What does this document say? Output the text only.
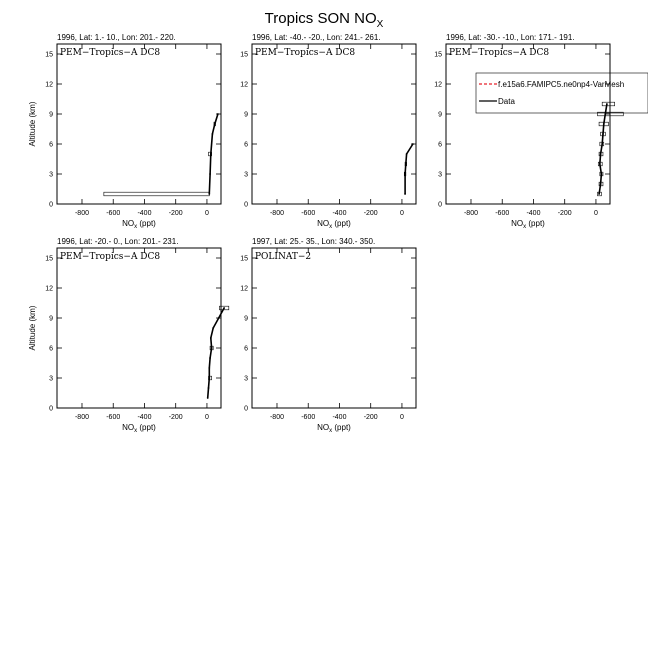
Tropics SON $NO_X$
1996, Lat: 1.- 10., Lon: 201.- 220.
PEM−Tropics−A DC8
-800 -600 -400 -200	0
0
3
6
9
12
15
$NO_x$ (ppt)
Altitude (km)
1996, Lat: -40.- -20., Lon: 241.- 261.
PEM−Tropics−A DC8
-800 -600 -400 -200	0
0
3
6
9
12
15
$NO_x$ (ppt)
1996, Lat: -30.- -10., Lon: 171.- 191.
PEM−Tropics−A DC8
-800 -600 -400 -200	0
0
3
6
9
12
15
$NO_x$ (ppt)
f.e15a6.FAMIPC5.ne0np4-VarMesh
Data
1996, Lat: -20.- 0., Lon: 201.- 231.
PEM−Tropics−A DC8
-800 -600 -400 -200	0
0
3
6
9
12
15
$NO_x$ (ppt)
Altitude (km)
1997, Lat: 25.- 35., Lon: 340.- 350.
POLINAT−2
-800 -600 -400 -200	0
0
3
6
9
12
15
$NO_x$ (ppt)
